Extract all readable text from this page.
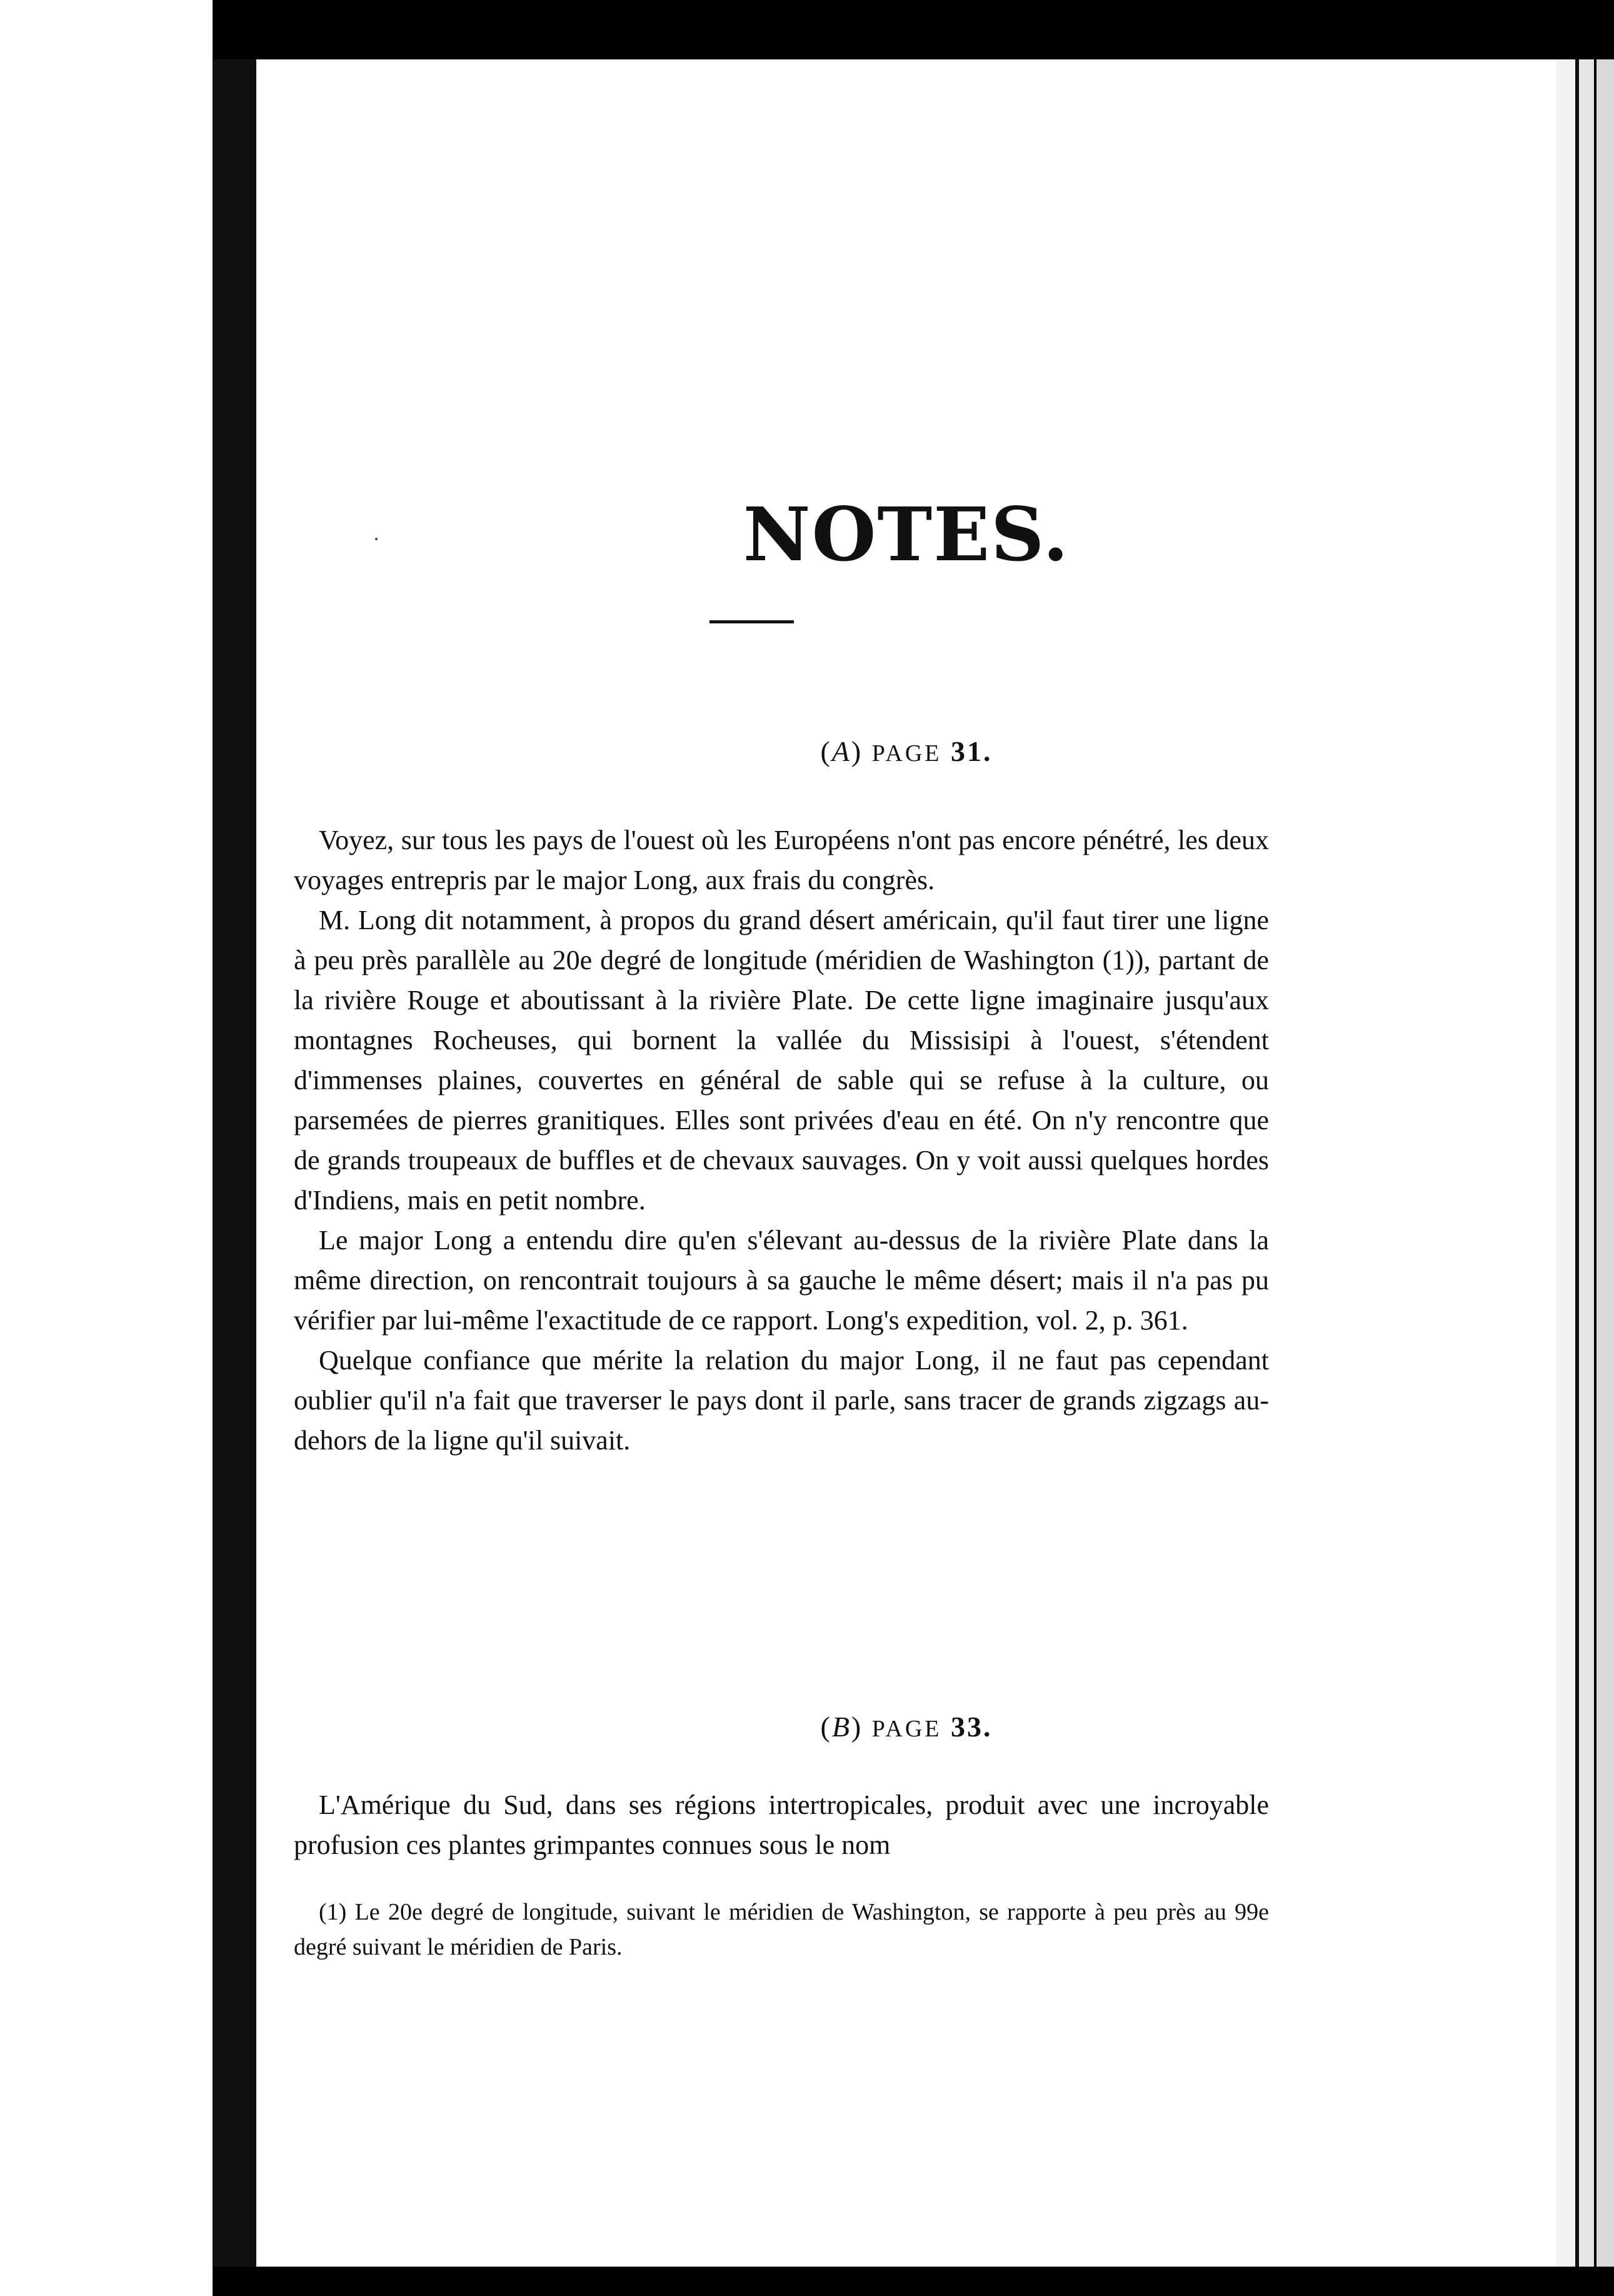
NOTES.
(A) PAGE 31.

Voyez, sur tous les pays de l'ouest où les Européens n'ont pas encore pénétré, les deux voyages entrepris par le major Long, aux frais du congrès.

M. Long dit notamment, à propos du grand désert américain, qu'il faut tirer une ligne à peu près parallèle au 20e degré de longitude (méridien de Washington (1)), partant de la rivière Rouge et aboutissant à la rivière Plate. De cette ligne imaginaire jusqu'aux montagnes Rocheuses, qui bornent la vallée du Missisipi à l'ouest, s'étendent d'immenses plaines, couvertes en général de sable qui se refuse à la culture, ou parsemées de pierres granitiques. Elles sont privées d'eau en été. On n'y rencontre que de grands troupeaux de buffles et de chevaux sauvages. On y voit aussi quelques hordes d'Indiens, mais en petit nombre.

Le major Long a entendu dire qu'en s'élevant au-dessus de la rivière Plate dans la même direction, on rencontrait toujours à sa gauche le même désert; mais il n'a pas pu vérifier par lui-même l'exactitude de ce rapport. Long's expedition, vol. 2, p. 361.

Quelque confiance que mérite la relation du major Long, il ne faut pas cependant oublier qu'il n'a fait que traverser le pays dont il parle, sans tracer de grands zigzags au-dehors de la ligne qu'il suivait.

(B) PAGE 33.

L'Amérique du Sud, dans ses régions intertropicales, produit avec une incroyable profusion ces plantes grimpantes connues sous le nom

(1) Le 20e degré de longitude, suivant le méridien de Washington, se rapporte à peu près au 99e degré suivant le méridien de Paris.
